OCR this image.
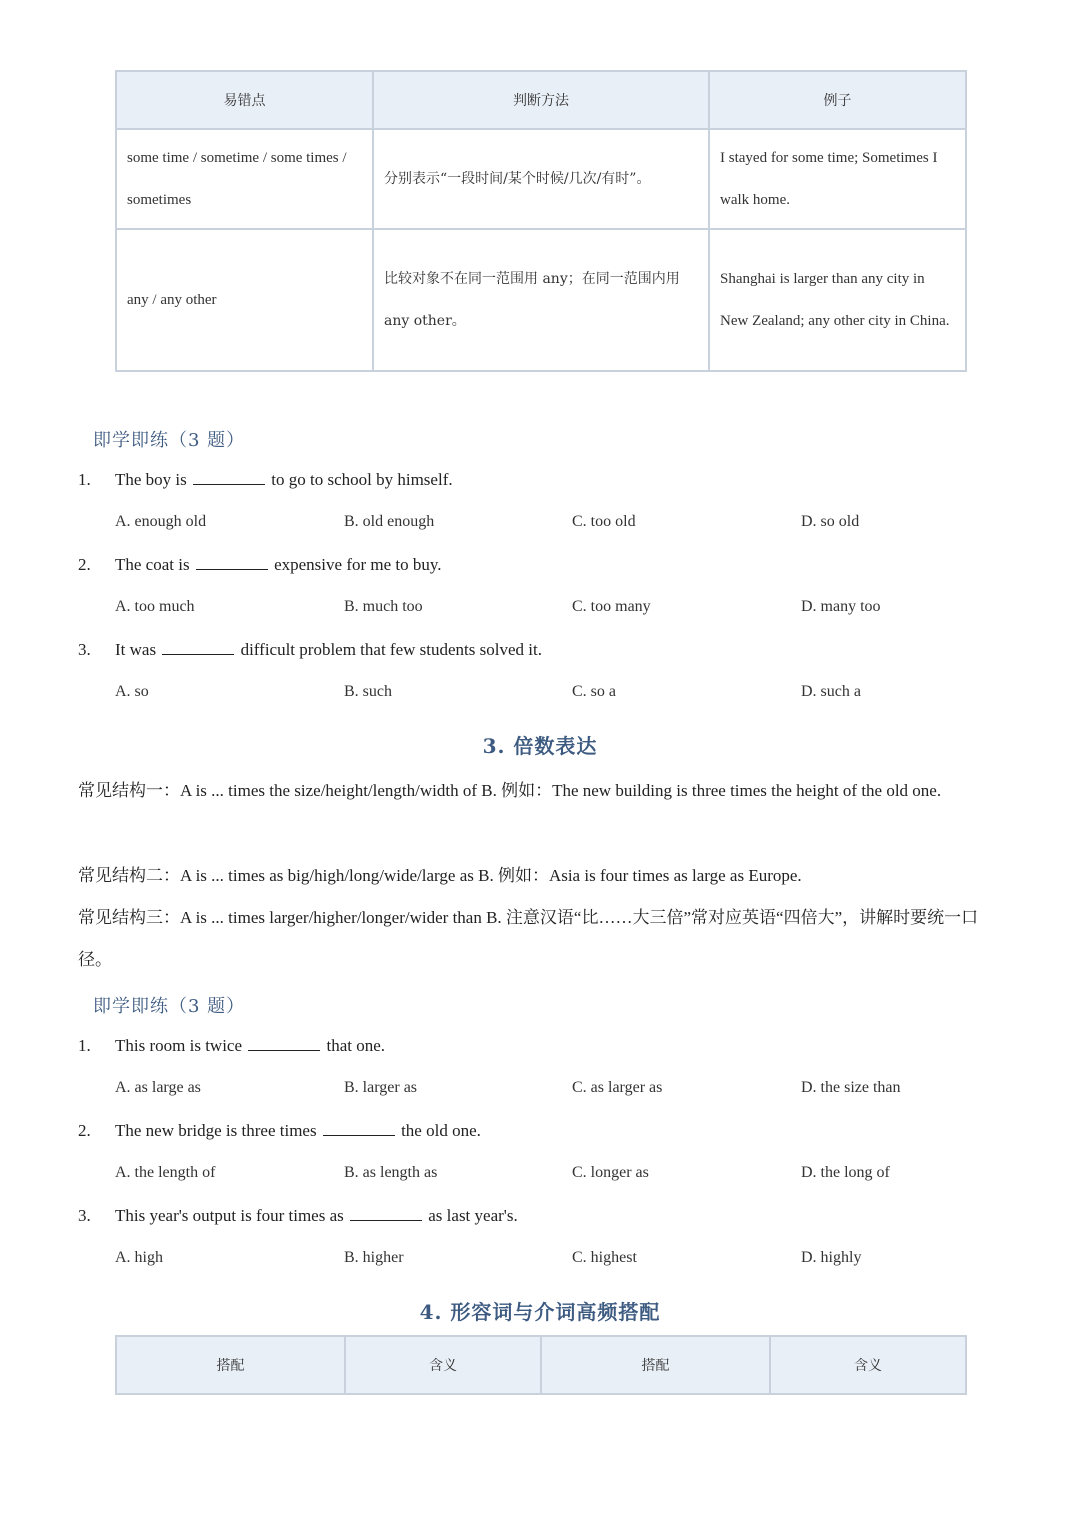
易错点	判断方法	例子
some time / sometime / some times / sometimes	分别表示“一段时间/某个时候/几次/有时”。	I stayed for some time; Sometimes I walk home.
any / any other	比较对象不在同一范围用 any；在同一范围内用 any other。	Shanghai is larger than any city in New Zealand; any other city in China.
即学即练（3 题）
1. The boy is	to go to school by himself.
A. enough old	B. old enough	C. too old	D. so old
2. The coat is	expensive for me to buy.
A. too much	B. much too	C. too many	D. many too
3. It was	difficult problem that few students solved it.
A. so	B. such	C. so a	D. such a
3. 倍数表达
常见结构一：A is ... times the size/height/length/width of B. 例如：The new building is three times the height of the old one.
常见结构二：A is ... times as big/high/long/wide/large as B. 例如：Asia is four times as large as Europe.
常见结构三：A is ... times larger/higher/longer/wider than B. 注意汉语“比……大三倍”常对应英语“四倍大”，讲解时要统一口径。
即学即练（3 题）
1. This room is twice	that one.
A. as large as	B. larger as	C. as larger as	D. the size than
2. The new bridge is three times	the old one.
A. the length of	B. as length as	C. longer as	D. the long of
3. This year's output is four times as	as last year's.
A. high	B. higher	C. highest	D. highly
4. 形容词与介词高频搭配
搭配	含义	搭配	含义
